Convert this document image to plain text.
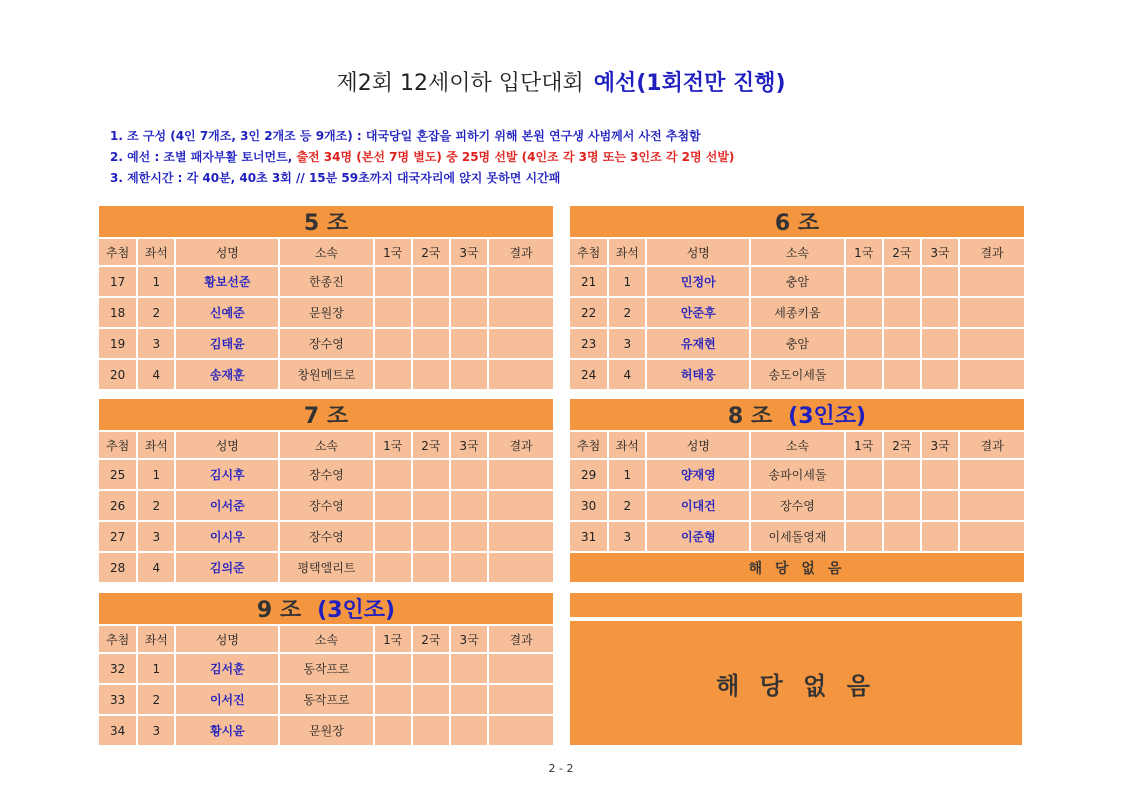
제2회 12세이하 입단대회 예선(1회전만 진행)
1. 조 구성 (4인 7개조, 3인 2개조 등 9개조) : 대국당일 혼잡을 피하기 위해 본원 연구생 사범께서 사전 추첨함
2. 예선 : 조별 패자부활 토너먼트, 출전 34명 (본선 7명 별도) 중 25명 선발 (4인조 각 3명 또는 3인조 각 2명 선발)
3. 제한시간 : 각 40분, 40초 3회 // 15분 59초까지 대국자리에 앉지 못하면 시간패
5 조							
추첨	좌석	성명	소속	1국	2국	3국	결과
17	1	황보선준	한종진				
18	2	신예준	문원장				
19	3	김태윤	장수영				
20	4	송재훈	창원메트로				
6 조							
추첨	좌석	성명	소속	1국	2국	3국	결과
21	1	민정아	충암				
22	2	안준후	세종키움				
23	3	유재현	충암				
24	4	허태웅	송도이세돌				
7 조							
추첨	좌석	성명	소속	1국	2국	3국	결과
25	1	김시후	장수영				
26	2	이서준	장수영				
27	3	이시우	장수영				
28	4	김의준	평택엘리트				
8 조 (3인조)							
추첨	좌석	성명	소속	1국	2국	3국	결과
29	1	양재영	송파이세돌				
30	2	이대건	장수영				
31	3	이준형	이세돌영재				
해 당 없 음							
9 조 (3인조)							
추첨	좌석	성명	소속	1국	2국	3국	결과
32	1	김서훈	동작프로				
33	2	이서진	동작프로				
34	3	황시윤	문원장				
해 당 없 음
2 - 2
